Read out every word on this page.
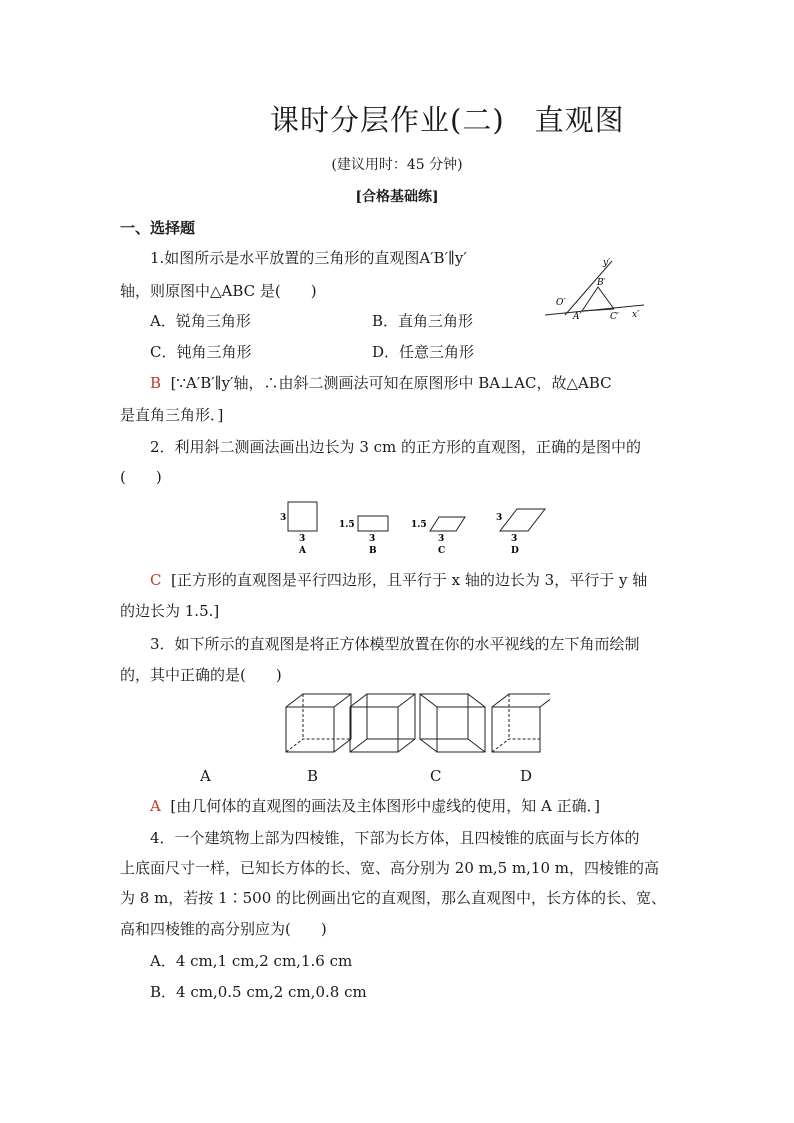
课时分层作业(二)　直观图
(建议用时：45 分钟)
[合格基础练]
一、选择题
1.如图所示是水平放置的三角形的直观图A′B′∥y′
轴，则原图中△ABC 是(　　)
A．锐角三角形	B．直角三角形
C．钝角三角形	D．任意三角形
y′
B′
O′
A′	C′ x′
B [∵A′B′∥y′轴，∴由斜二测画法可知在原图形中 BA⊥AC，故△ABC
是直角三角形．]
2．利用斜二测画法画出边长为 3 cm 的正方形的直观图，正确的是图中的
(　　)
3
3
A
1.5
3
B
1.5
3
C
3
3
D
C [正方形的直观图是平行四边形，且平行于 x 轴的边长为 3，平行于 y 轴
的边长为 1.5.]
3．如下所示的直观图是将正方体模型放置在你的水平视线的左下角而绘制
的，其中正确的是(　　)
A	B	C	D
A [由几何体的直观图的画法及主体图形中虚线的使用，知 A 正确．]
4．一个建筑物上部为四棱锥，下部为长方体，且四棱锥的底面与长方体的
上底面尺寸一样，已知长方体的长、宽、高分别为 20 m,5 m,10 m，四棱锥的高
为 8 m，若按 1∶500 的比例画出它的直观图，那么直观图中，长方体的长、宽、
高和四棱锥的高分别应为(　　)
A．4 cm,1 cm,2 cm,1.6 cm
B．4 cm,0.5 cm,2 cm,0.8 cm
